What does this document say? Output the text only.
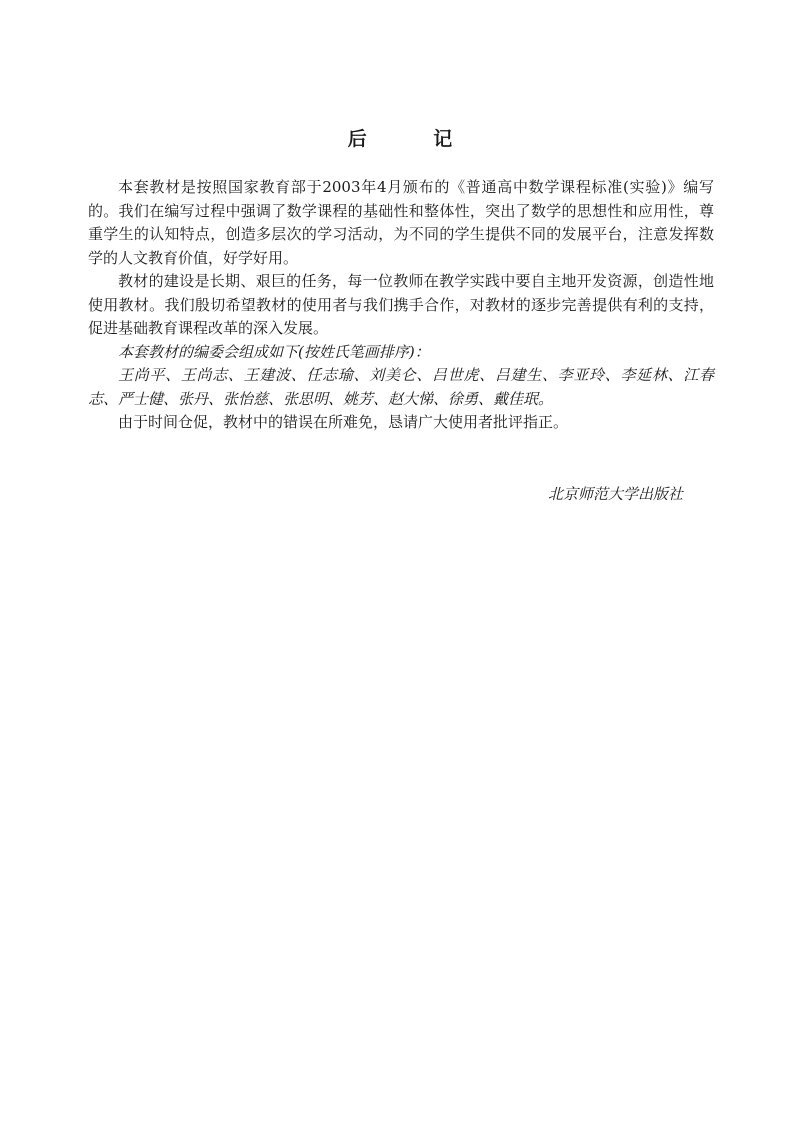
后 记

本套教材是按照国家教育部于2003年4月颁布的《普通高中数学课程标准(实验)》编写的。我们在编写过程中强调了数学课程的基础性和整体性，突出了数学的思想性和应用性，尊重学生的认知特点，创造多层次的学习活动，为不同的学生提供不同的发展平台，注意发挥数学的人文教育价值，好学好用。

教材的建设是长期、艰巨的任务，每一位教师在教学实践中要自主地开发资源，创造性地使用教材。我们殷切希望教材的使用者与我们携手合作，对教材的逐步完善提供有利的支持，促进基础教育课程改革的深入发展。

本套教材的编委会组成如下(按姓氏笔画排序)：

王尚平、王尚志、王建波、任志瑜、刘美仑、吕世虎、吕建生、李亚玲、李延林、江春志、严士健、张丹、张怡慈、张思明、姚芳、赵大悌、徐勇、戴佳珉。

由于时间仓促，教材中的错误在所难免，恳请广大使用者批评指正。

北京师范大学出版社
